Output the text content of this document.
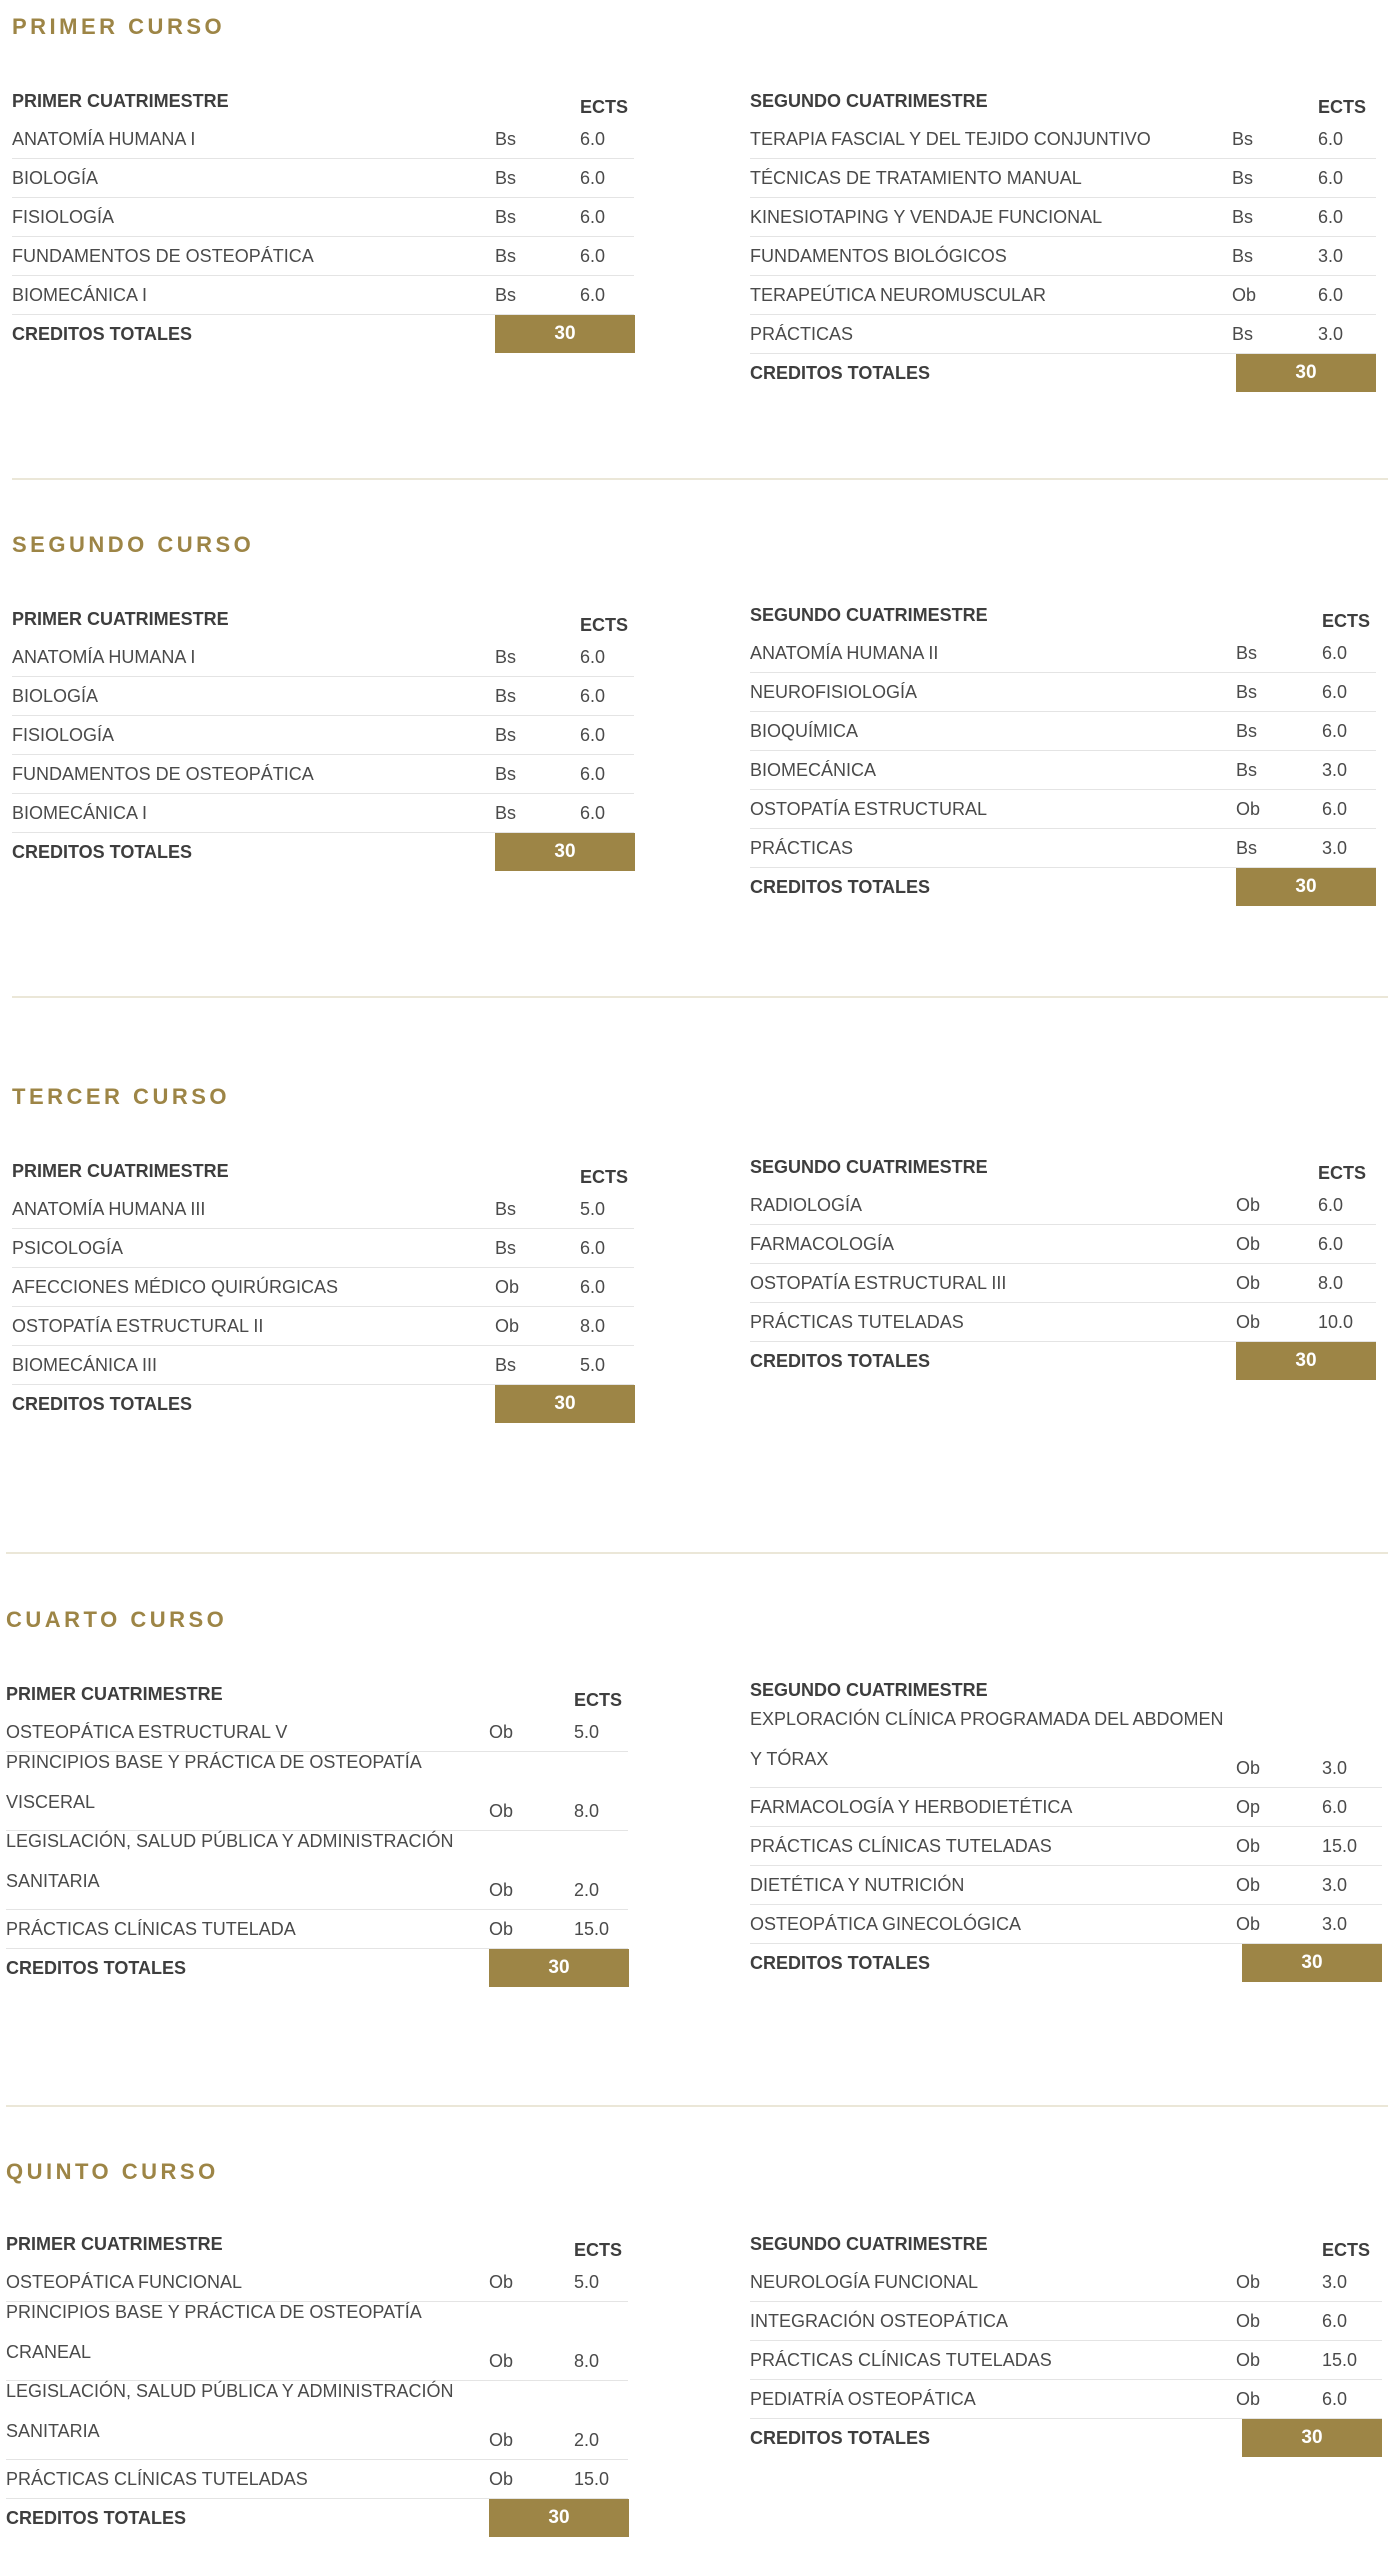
PRIMER CURSO
PRIMER CUATRIMESTRE	ECTS
ANATOMÍA HUMANA I	Bs	6.0
BIOLOGÍA	Bs	6.0
FISIOLOGÍA	Bs	6.0
FUNDAMENTOS DE OSTEOPÁTICA	Bs	6.0
BIOMECÁNICA I	Bs	6.0
CREDITOS TOTALES	30
SEGUNDO CUATRIMESTRE	ECTS
TERAPIA FASCIAL Y DEL TEJIDO CONJUNTIVO	Bs	6.0
TÉCNICAS DE TRATAMIENTO MANUAL	Bs	6.0
KINESIOTAPING Y VENDAJE FUNCIONAL	Bs	6.0
FUNDAMENTOS BIOLÓGICOS	Bs	3.0
TERAPEÚTICA NEUROMUSCULAR	Ob	6.0
PRÁCTICAS	Bs	3.0
CREDITOS TOTALES	30
SEGUNDO CURSO
PRIMER CUATRIMESTRE	ECTS
ANATOMÍA HUMANA I	Bs	6.0
BIOLOGÍA	Bs	6.0
FISIOLOGÍA	Bs	6.0
FUNDAMENTOS DE OSTEOPÁTICA	Bs	6.0
BIOMECÁNICA I	Bs	6.0
CREDITOS TOTALES	30
SEGUNDO CUATRIMESTRE	ECTS
ANATOMÍA HUMANA II	Bs	6.0
NEUROFISIOLOGÍA	Bs	6.0
BIOQUÍMICA	Bs	6.0
BIOMECÁNICA	Bs	3.0
OSTOPATÍA ESTRUCTURAL	Ob	6.0
PRÁCTICAS	Bs	3.0
CREDITOS TOTALES	30
TERCER CURSO
PRIMER CUATRIMESTRE	ECTS
ANATOMÍA HUMANA III	Bs	5.0
PSICOLOGÍA	Bs	6.0
AFECCIONES MÉDICO QUIRÚRGICAS	Ob	6.0
OSTOPATÍA ESTRUCTURAL II	Ob	8.0
BIOMECÁNICA III	Bs	5.0
CREDITOS TOTALES	30
SEGUNDO CUATRIMESTRE	ECTS
RADIOLOGÍA	Ob	6.0
FARMACOLOGÍA	Ob	6.0
OSTOPATÍA ESTRUCTURAL III	Ob	8.0
PRÁCTICAS TUTELADAS	Ob	10.0
CREDITOS TOTALES	30
CUARTO CURSO
PRIMER CUATRIMESTRE	ECTS
OSTEOPÁTICA ESTRUCTURAL V	Ob	5.0
PRINCIPIOS BASE Y PRÁCTICA DE OSTEOPATÍA VISCERAL	Ob	8.0
LEGISLACIÓN, SALUD PÚBLICA Y ADMINISTRACIÓN SANITARIA	Ob	2.0
PRÁCTICAS CLÍNICAS TUTELADA	Ob	15.0
CREDITOS TOTALES	30
SEGUNDO CUATRIMESTRE
EXPLORACIÓN CLÍNICA PROGRAMADA DEL ABDOMEN Y TÓRAX	Ob	3.0
FARMACOLOGÍA Y HERBODIETÉTICA	Op	6.0
PRÁCTICAS CLÍNICAS TUTELADAS	Ob	15.0
DIETÉTICA Y NUTRICIÓN	Ob	3.0
OSTEOPÁTICA GINECOLÓGICA	Ob	3.0
CREDITOS TOTALES	30
QUINTO CURSO
PRIMER CUATRIMESTRE	ECTS
OSTEOPÁTICA FUNCIONAL	Ob	5.0
PRINCIPIOS BASE Y PRÁCTICA DE OSTEOPATÍA CRANEAL	Ob	8.0
LEGISLACIÓN, SALUD PÚBLICA Y ADMINISTRACIÓN SANITARIA	Ob	2.0
PRÁCTICAS CLÍNICAS TUTELADAS	Ob	15.0
CREDITOS TOTALES	30
SEGUNDO CUATRIMESTRE	ECTS
NEUROLOGÍA FUNCIONAL	Ob	3.0
INTEGRACIÓN OSTEOPÁTICA	Ob	6.0
PRÁCTICAS CLÍNICAS TUTELADAS	Ob	15.0
PEDIATRÍA OSTEOPÁTICA	Ob	6.0
CREDITOS TOTALES	30
